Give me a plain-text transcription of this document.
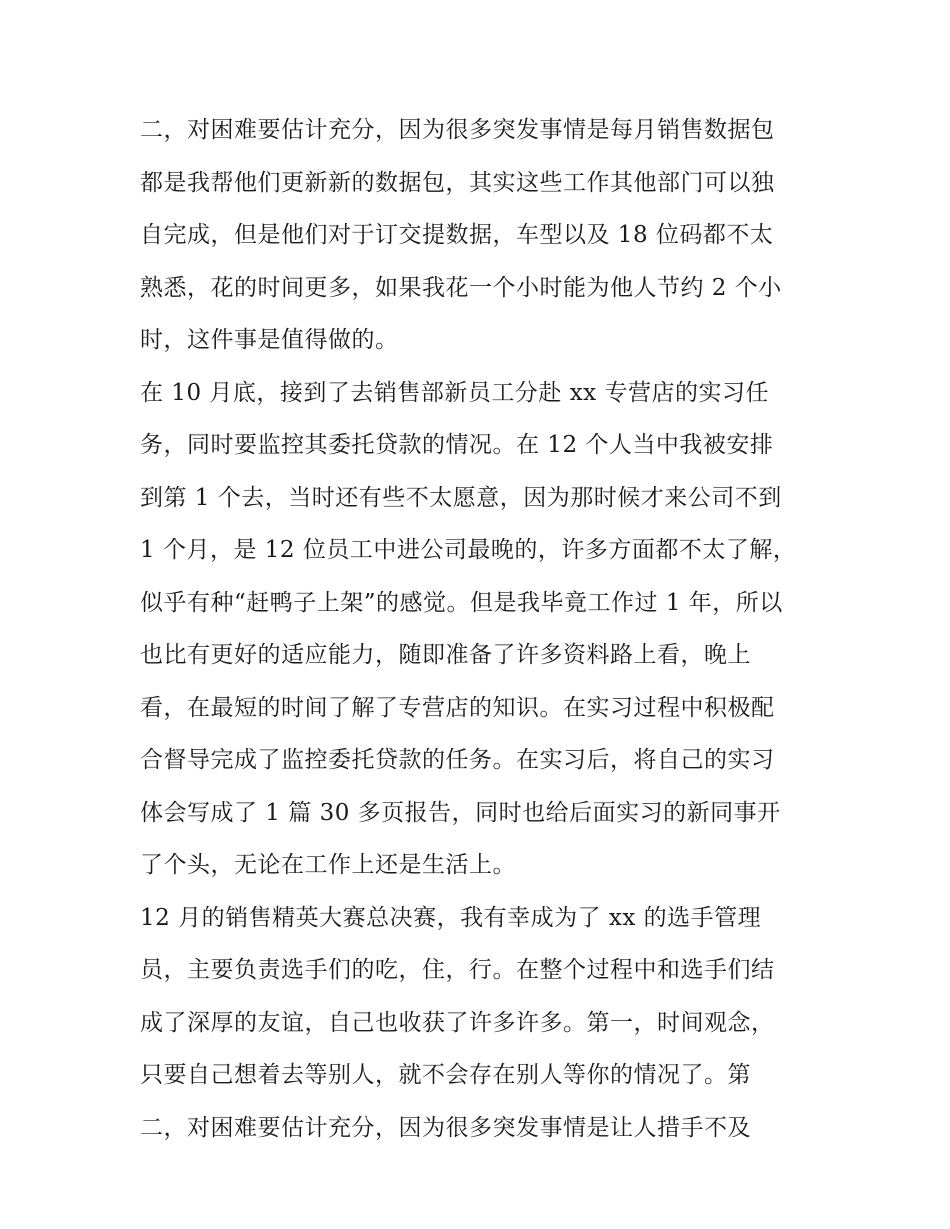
二，对困难要估计充分，因为很多突发事情是每月销售数据包
都是我帮他们更新新的数据包，其实这些工作其他部门可以独
自完成，但是他们对于订交提数据，车型以及 18 位码都不太
熟悉，花的时间更多，如果我花一个小时能为他人节约 2 个小
时，这件事是值得做的。
在 10 月底，接到了去销售部新员工分赴 xx 专营店的实习任
务，同时要监控其委托贷款的情况。在 12 个人当中我被安排
到第 1 个去，当时还有些不太愿意，因为那时候才来公司不到
1 个月，是 12 位员工中进公司最晚的，许多方面都不太了解，
似乎有种“赶鸭子上架”的感觉。但是我毕竟工作过 1 年，所以
也比有更好的适应能力，随即准备了许多资料路上看，晚上
看，在最短的时间了解了专营店的知识。在实习过程中积极配
合督导完成了监控委托贷款的任务。在实习后，将自己的实习
体会写成了 1 篇 30 多页报告，同时也给后面实习的新同事开
了个头，无论在工作上还是生活上。
12 月的销售精英大赛总决赛，我有幸成为了 xx 的选手管理
员，主要负责选手们的吃，住，行。在整个过程中和选手们结
成了深厚的友谊，自己也收获了许多许多。第一，时间观念，
只要自己想着去等别人，就不会存在别人等你的情况了。第
二，对困难要估计充分，因为很多突发事情是让人措手不及
